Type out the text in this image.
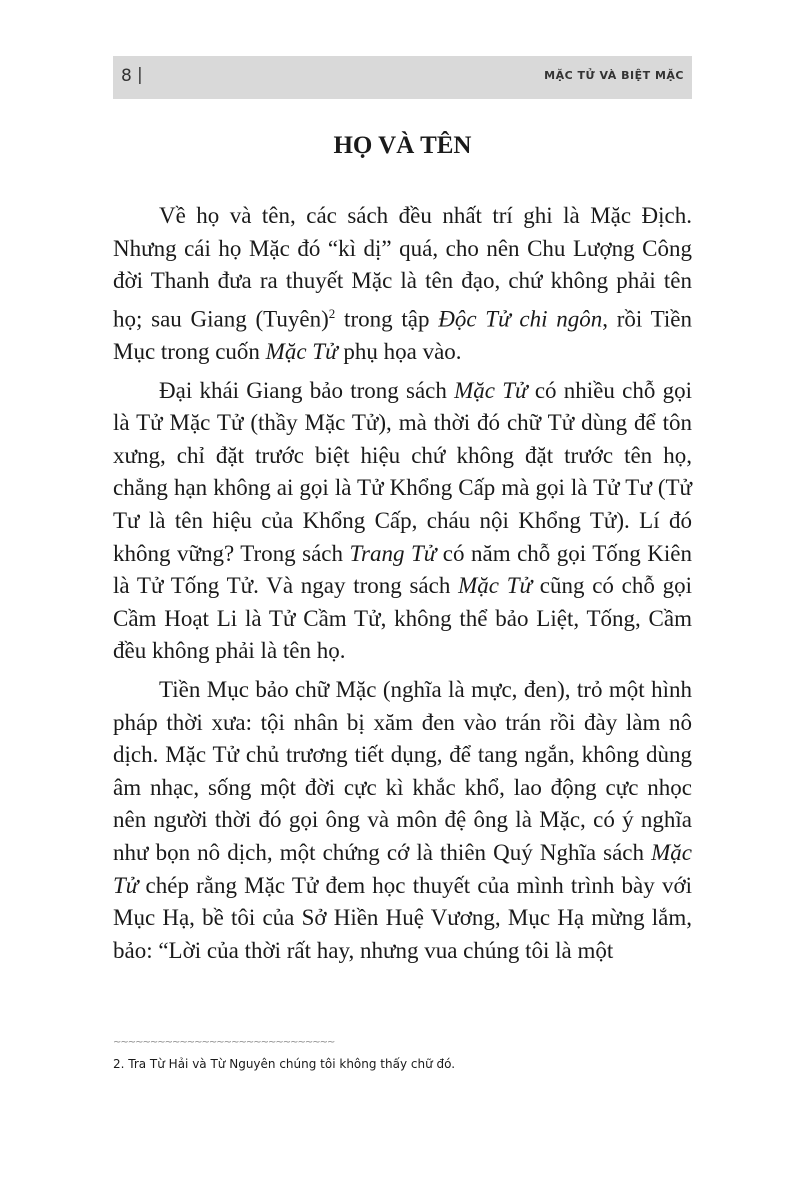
8 |	MẶC TỬ VÀ BIỆT MẶC
HỌ VÀ TÊN

Về họ và tên, các sách đều nhất trí ghi là Mặc Địch. Nhưng cái họ Mặc đó “kì dị” quá, cho nên Chu Lượng Công đời Thanh đưa ra thuyết Mặc là tên đạo, chứ không phải tên họ; sau Giang (Tuyên)$^2$ trong tập Độc Tử chi ngôn, rồi Tiền Mục trong cuốn Mặc Tử phụ họa vào.

Đại khái Giang bảo trong sách Mặc Tử có nhiều chỗ gọi là Tử Mặc Tử (thầy Mặc Tử), mà thời đó chữ Tử dùng để tôn xưng, chỉ đặt trước biệt hiệu chứ không đặt trước tên họ, chẳng hạn không ai gọi là Tử Khổng Cấp mà gọi là Tử Tư (Tử Tư là tên hiệu của Khổng Cấp, cháu nội Khổng Tử). Lí đó không vững? Trong sách Trang Tử có năm chỗ gọi Tống Kiên là Tử Tống Tử. Và ngay trong sách Mặc Tử cũng có chỗ gọi Cầm Hoạt Li là Tử Cầm Tử, không thể bảo Liệt, Tống, Cầm đều không phải là tên họ.

Tiền Mục bảo chữ Mặc (nghĩa là mực, đen), trỏ một hình pháp thời xưa: tội nhân bị xăm đen vào trán rồi đày làm nô dịch. Mặc Tử chủ trương tiết dụng, để tang ngắn, không dùng âm nhạc, sống một đời cực kì khắc khổ, lao động cực nhọc nên người thời đó gọi ông và môn đệ ông là Mặc, có ý nghĩa như bọn nô dịch, một chứng cớ là thiên Quý Nghĩa sách Mặc Tử chép rằng Mặc Tử đem học thuyết của mình trình bày với Mục Hạ, bề tôi của Sở Hiền Huệ Vương, Mục Hạ mừng lắm, bảo: “Lời của thời rất hay, nhưng vua chúng tôi là một

~~~~~~~~~~~~~~~~~~~~~~~~~~~~~~
2. Tra Từ Hải và Từ Nguyên chúng tôi không thấy chữ đó.
